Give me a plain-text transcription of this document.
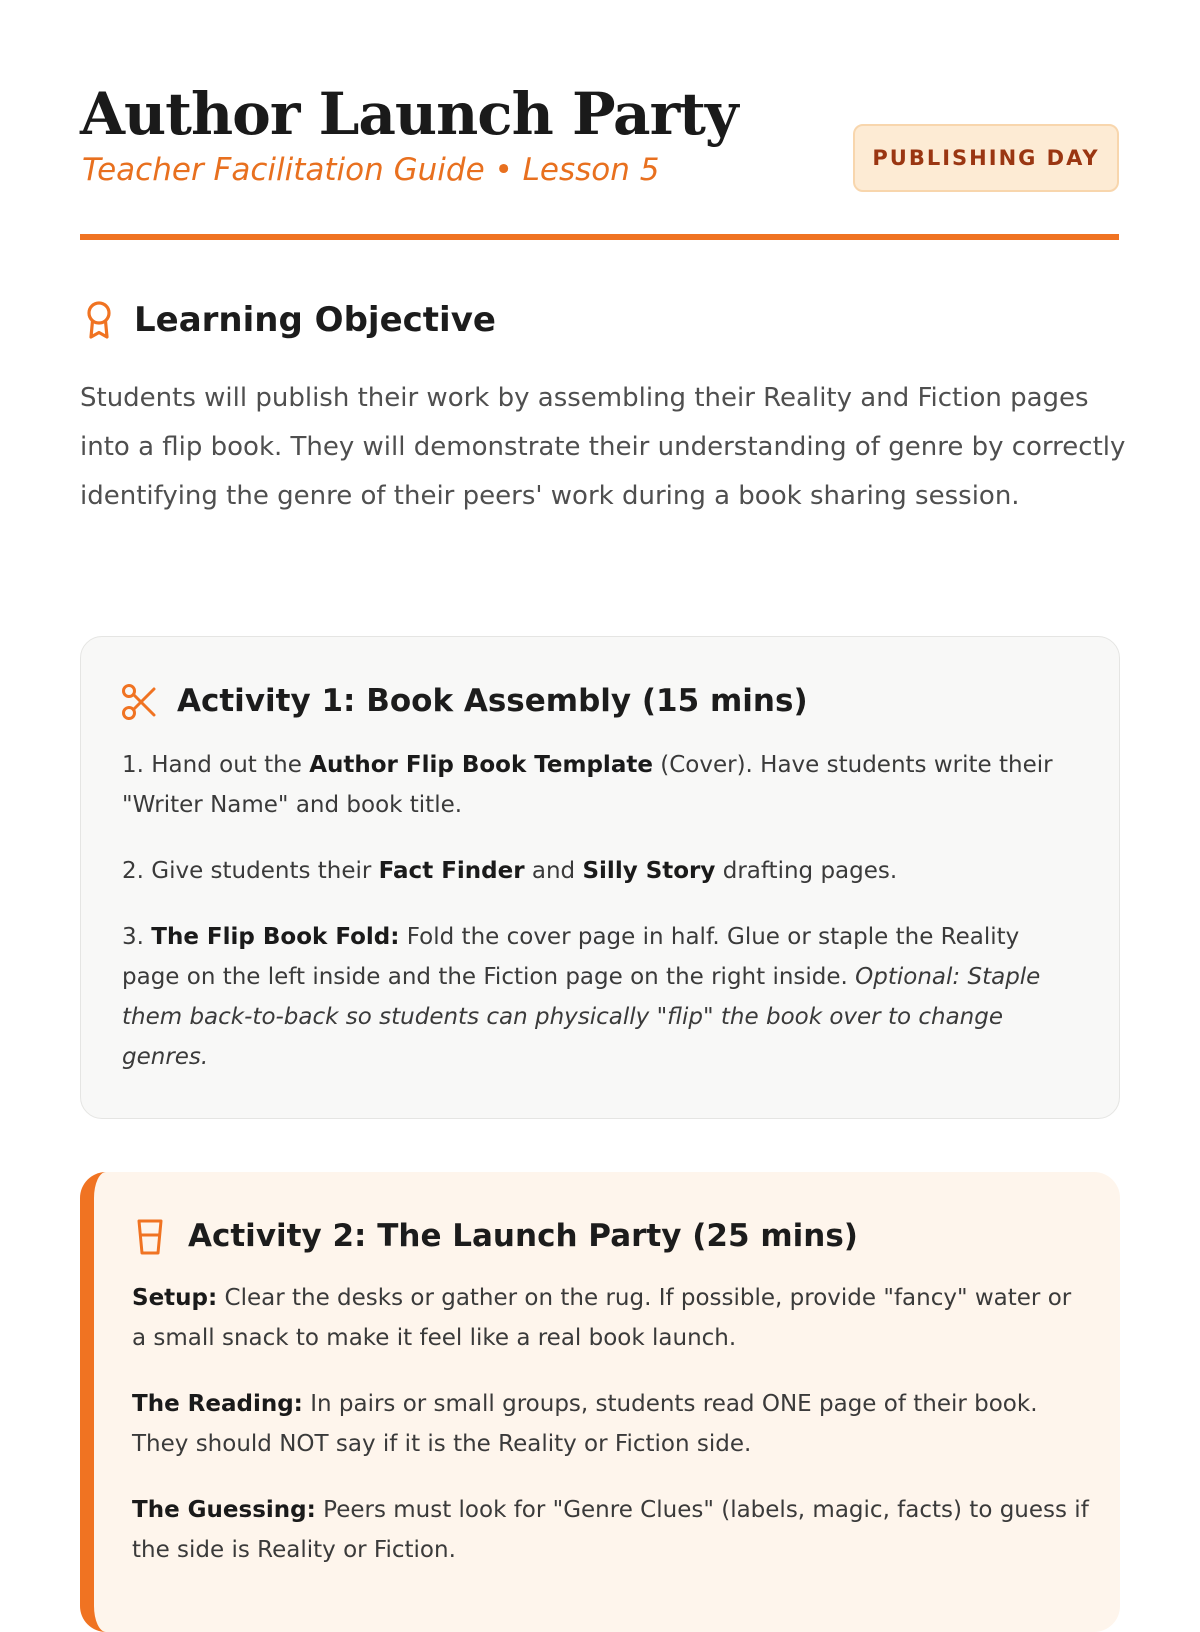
Author Launch Party
Teacher Facilitation Guide • Lesson 5	PUBLISHING DAY
Learning Objective

Students will publish their work by assembling their Reality and Fiction pages into a flip book. They will demonstrate their understanding of genre by correctly identifying the genre of their peers' work during a book sharing session.

Activity 1: Book Assembly (15 mins)

1. Hand out the Author Flip Book Template (Cover). Have students write their "Writer Name" and book title.

2. Give students their Fact Finder and Silly Story drafting pages.

3. The Flip Book Fold: Fold the cover page in half. Glue or staple the Reality page on the left inside and the Fiction page on the right inside. Optional: Staple them back-to-back so students can physically "flip" the book over to change genres.

Activity 2: The Launch Party (25 mins)

Setup: Clear the desks or gather on the rug. If possible, provide "fancy" water or a small snack to make it feel like a real book launch.

The Reading: In pairs or small groups, students read ONE page of their book. They should NOT say if it is the Reality or Fiction side.

The Guessing: Peers must look for "Genre Clues" (labels, magic, facts) to guess if the side is Reality or Fiction.
